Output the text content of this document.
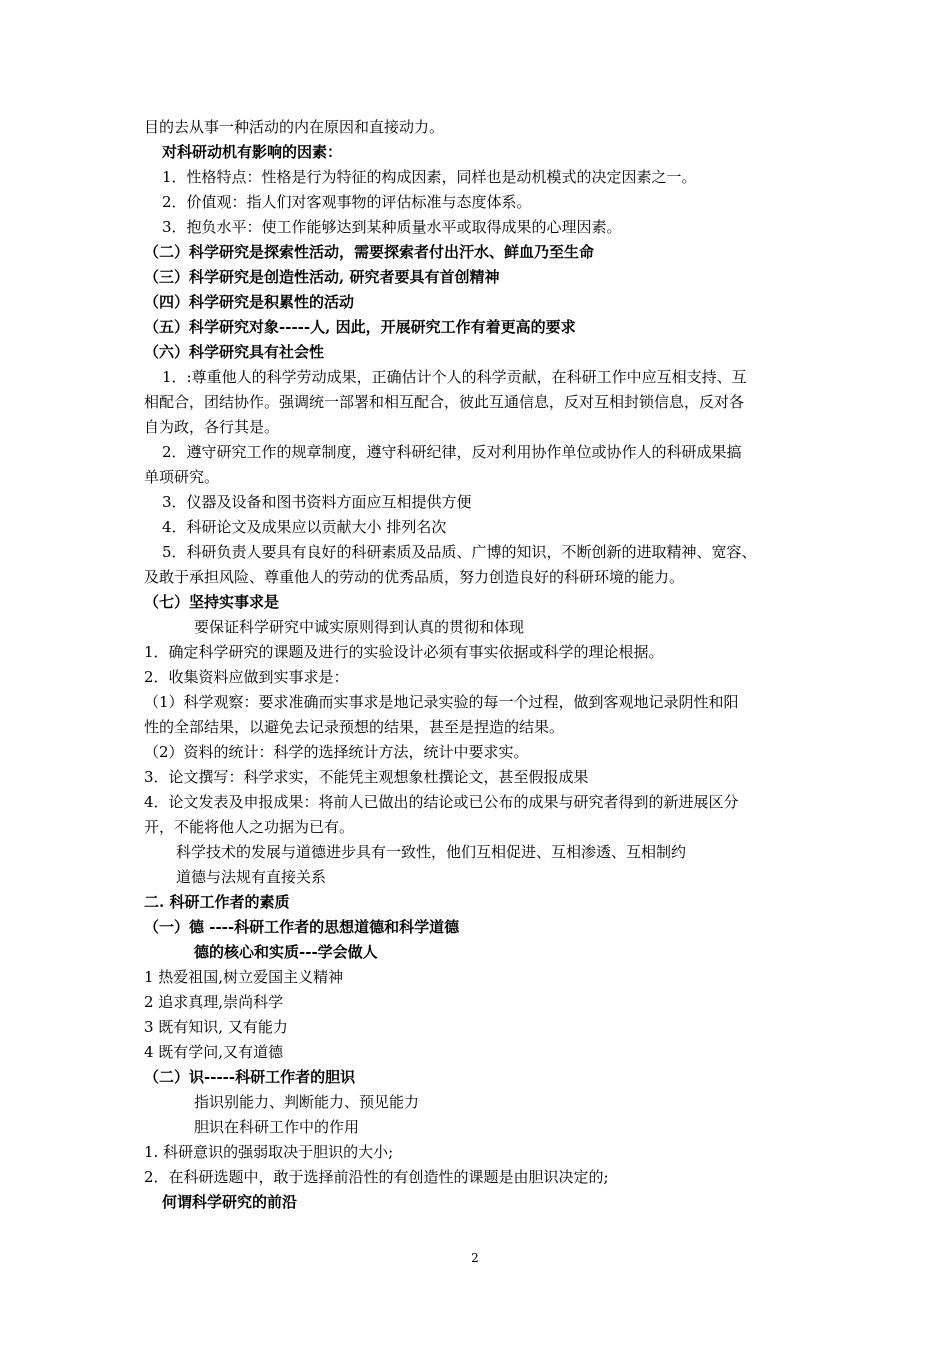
目的去从事一种活动的内在原因和直接动力。
对科研动机有影响的因素：
1．性格特点：性格是行为特征的构成因素，同样也是动机模式的决定因素之一。
2．价值观：指人们对客观事物的评估标准与态度体系。
3．抱负水平：使工作能够达到某种质量水平或取得成果的心理因素。
（二）科学研究是探索性活动，需要探索者付出汗水、鲜血乃至生命
（三）科学研究是创造性活动, 研究者要具有首创精神
（四）科学研究是积累性的活动
（五）科学研究对象-----人, 因此，开展研究工作有着更高的要求
（六）科学研究具有社会性
1．:尊重他人的科学劳动成果，正确估计个人的科学贡献，在科研工作中应互相支持、互
相配合，团结协作。强调统一部署和相互配合，彼此互通信息，反对互相封锁信息，反对各
自为政，各行其是。
2．遵守研究工作的规章制度，遵守科研纪律，反对利用协作单位或协作人的科研成果搞
单项研究。
3．仪器及设备和图书资料方面应互相提供方便
4．科研论文及成果应以贡献大小 排列名次
5．科研负责人要具有良好的科研素质及品质、广博的知识，不断创新的进取精神、宽容、
及敢于承担风险、尊重他人的劳动的优秀品质，努力创造良好的科研环境的能力。
（七）坚持实事求是
要保证科学研究中诚实原则得到认真的贯彻和体现
1．确定科学研究的课题及进行的实验设计必须有事实依据或科学的理论根据。
2．收集资料应做到实事求是：
（1）科学观察：要求准确而实事求是地记录实验的每一个过程，做到客观地记录阴性和阳
性的全部结果，以避免去记录预想的结果，甚至是捏造的结果。
（2）资料的统计：科学的选择统计方法，统计中要求实。
3．论文撰写：科学求实，不能凭主观想象杜撰论文，甚至假报成果
4．论文发表及申报成果：将前人已做出的结论或已公布的成果与研究者得到的新进展区分
开，不能将他人之功据为已有。
科学技术的发展与道德进步具有一致性，他们互相促进、互相渗透、互相制约
道德与法规有直接关系
二. 科研工作者的素质
（一）德 ----科研工作者的思想道德和科学道德
德的核心和实质---学会做人
1 热爱祖国,树立爱国主义精神
2 追求真理,崇尚科学
3 既有知识, 又有能力
4 既有学问,又有道德
（二）识-----科研工作者的胆识
指识别能力、判断能力、预见能力
胆识在科研工作中的作用
1. 科研意识的强弱取决于胆识的大小;
2．在科研选题中，敢于选择前沿性的有创造性的课题是由胆识决定的;
何谓科学研究的前沿
2
